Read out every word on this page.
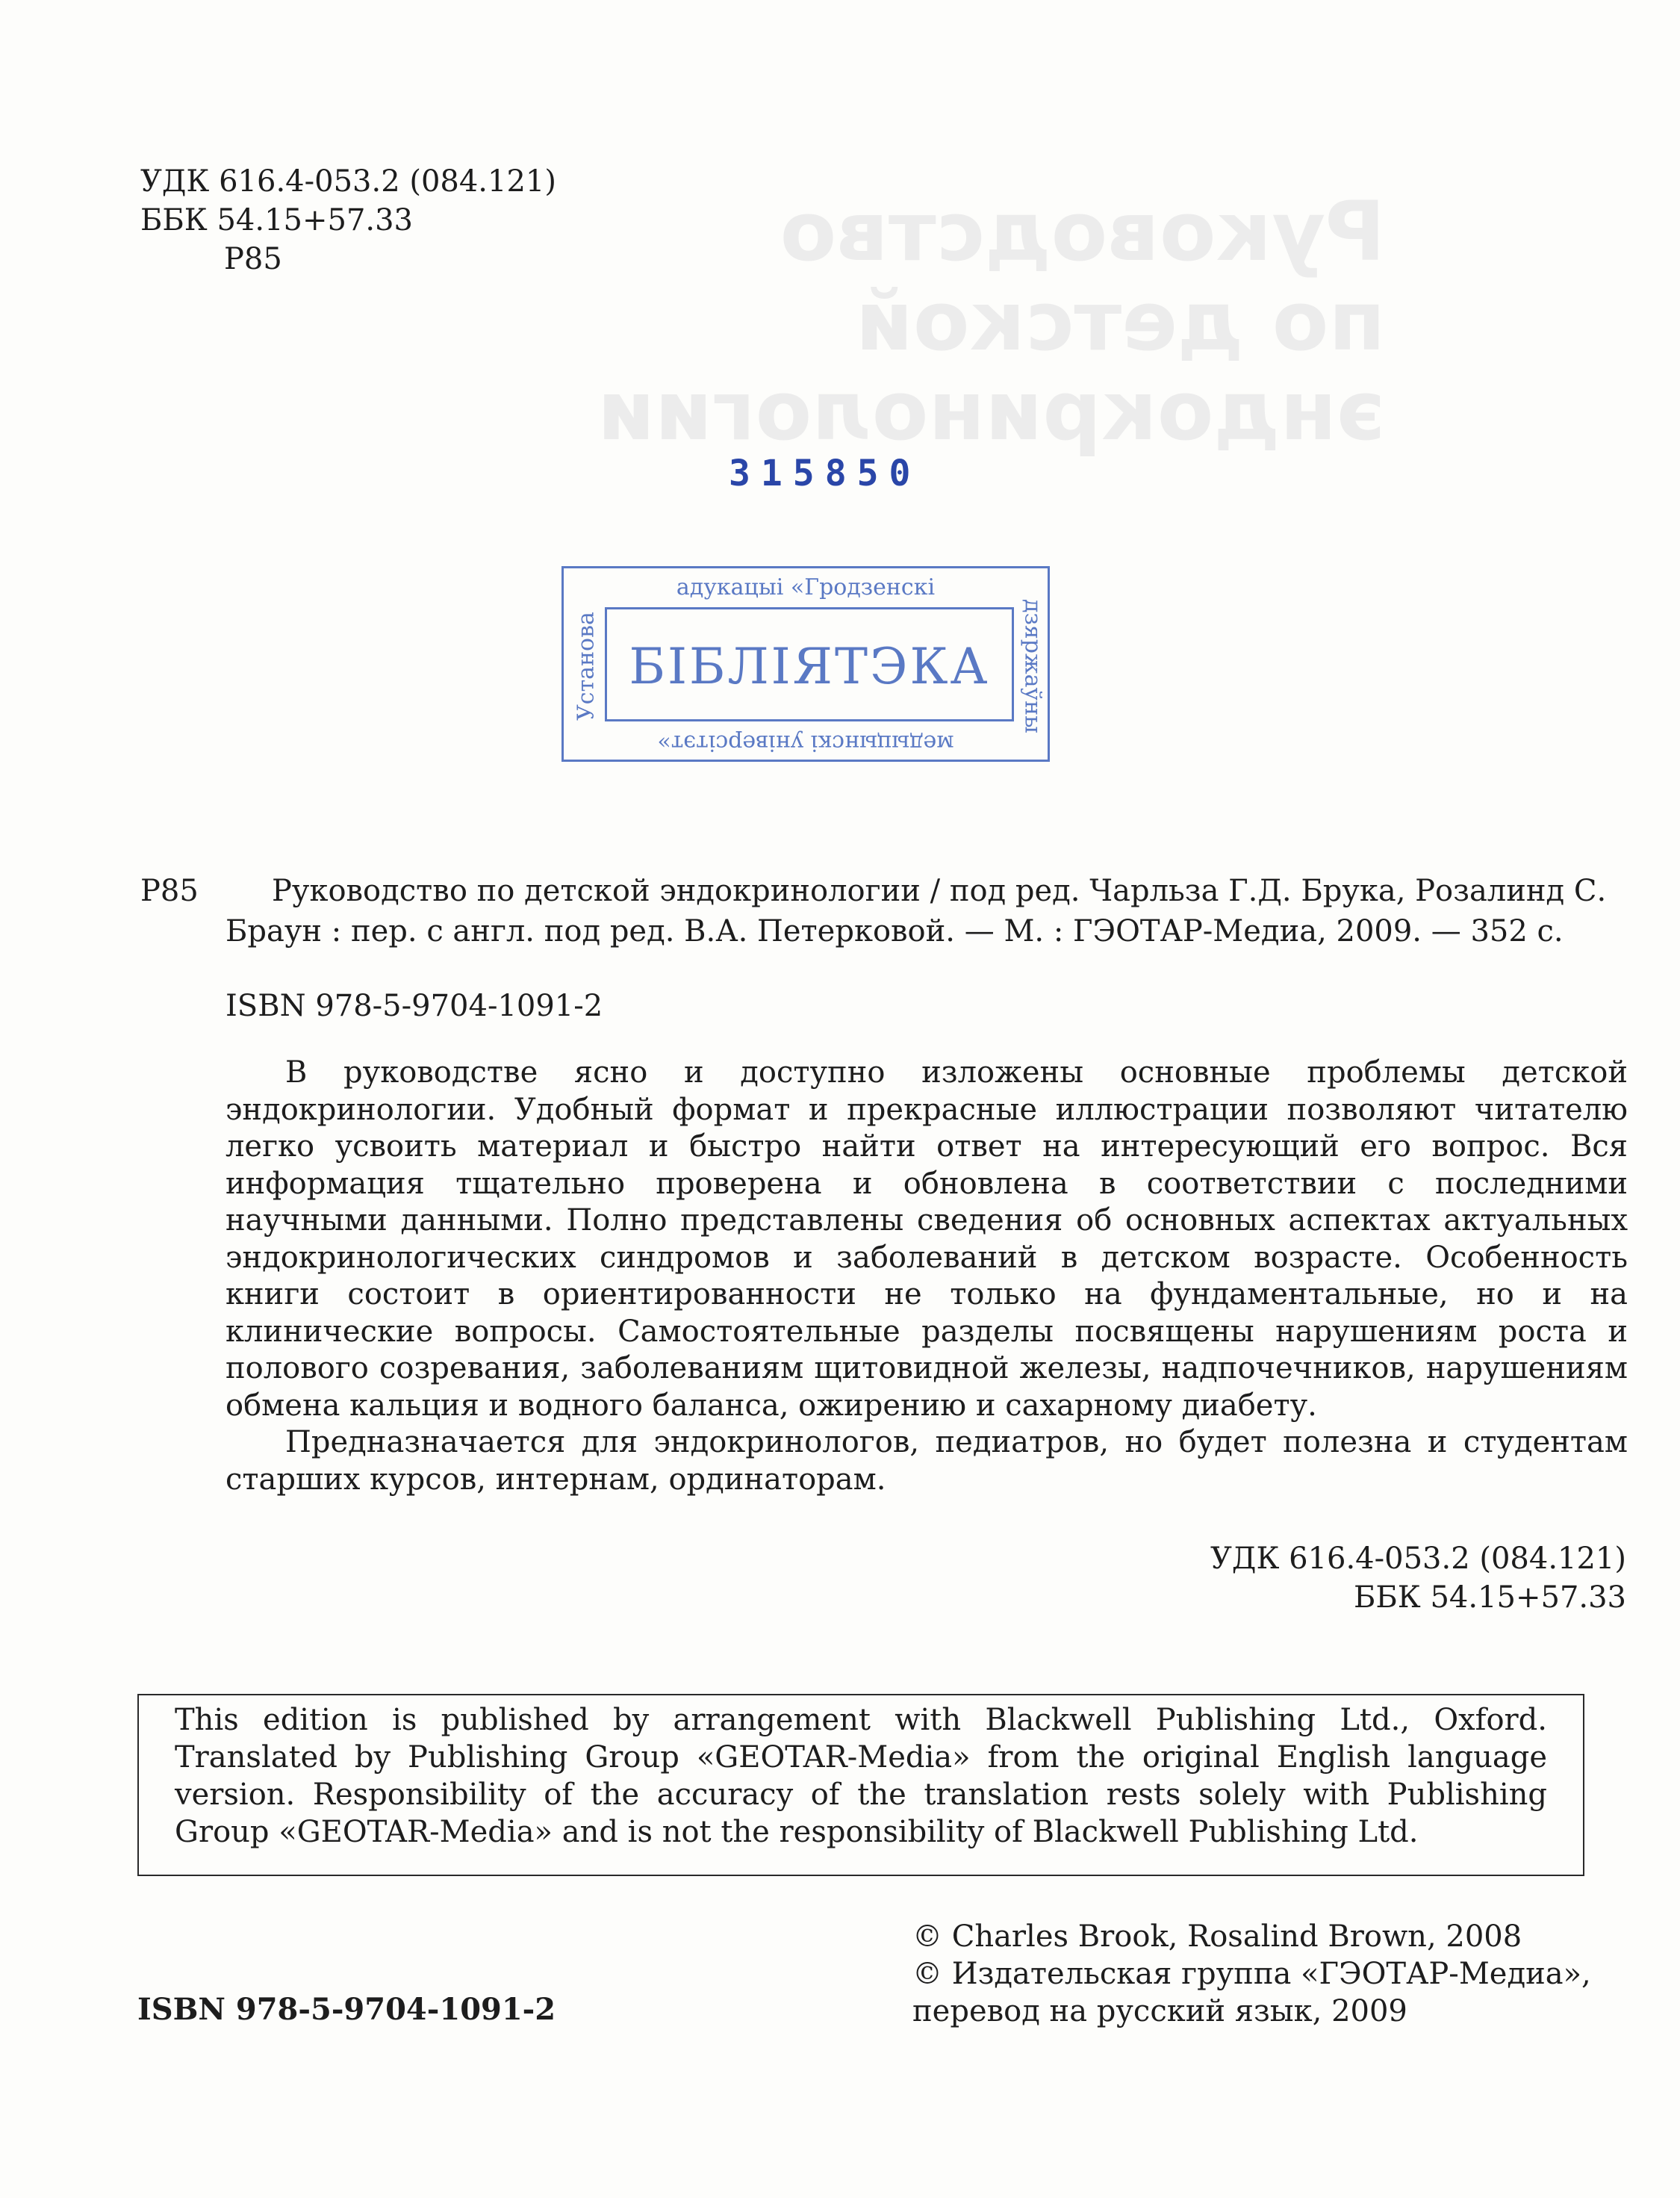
Руководство
по детской
эндокринологии
УДК 616.4-053.2 (084.121)
ББК 54.15+57.33
Р85
315850
адукацыі «Гродзенскі
Установа	дзяржаўны
БІБЛІЯТЭКА
медыцынскі універсітэт»
Р85 Руководство по детской эндокринологии / под ред. Чарльза Г.Д. Брука, Розалинд С.
Браун : пер. с англ. под ред. В.А. Петерковой. — М. : ГЭОТАР-Медиа, 2009. — 352 с.
ISBN 978-5-9704-1091-2

В руководстве ясно и доступно изложены основные проблемы детской эндокринологии. Удобный формат и прекрасные иллюстрации позволяют читателю легко усвоить материал и быстро найти ответ на интересующий его вопрос. Вся информация тщательно проверена и обновлена в соответствии с последними научными данными. Полно представлены сведения об основных аспектах актуальных эндокринологических синдромов и заболеваний в детском возрасте. Особенность книги состоит в ориентированности не только на фундаментальные, но и на клинические вопросы. Самостоятельные разделы посвящены нарушениям роста и полового созревания, заболеваниям щитовидной железы, надпочечников, нарушениям обмена кальция и водного баланса, ожирению и сахарному диабету.

Предназначается для эндокринологов, педиатров, но будет полезна и студентам старших курсов, интернам, ординаторам.

УДК 616.4-053.2 (084.121)
ББК 54.15+57.33
This edition is published by arrangement with Blackwell Publishing Ltd., Oxford. Translated by Publishing Group «GEOTAR-Media» from the original English language version. Responsibility of the accuracy of the translation rests solely with Publishing Group «GEOTAR-Media» and is not the responsibility of Blackwell Publishing Ltd.
© Charles Brook, Rosalind Brown, 2008
© Издательская группа «ГЭОТАР-Медиа»,
перевод на русский язык, 2009
ISBN 978-5-9704-1091-2
